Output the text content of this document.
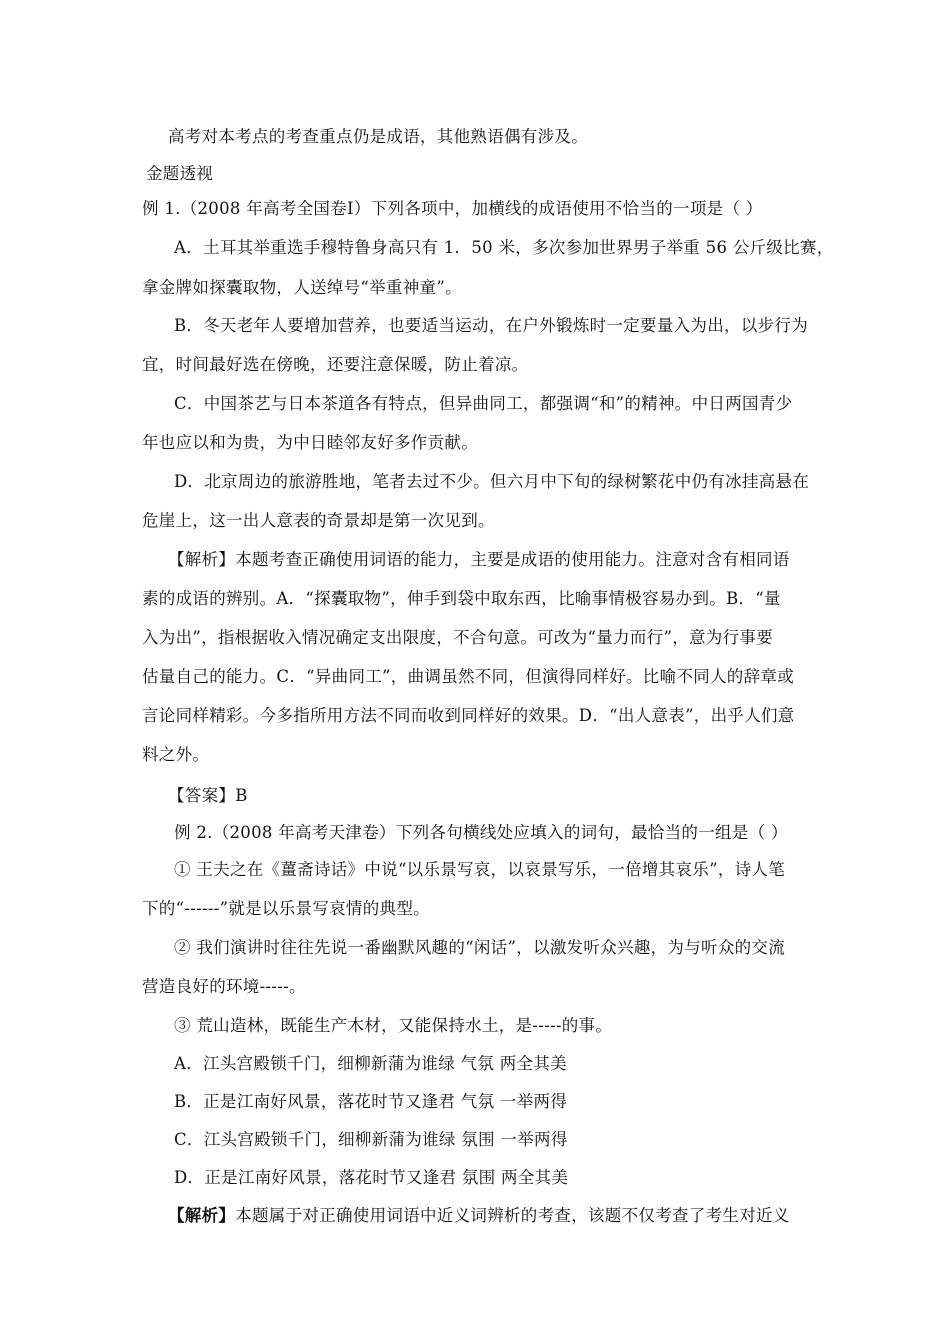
高考对本考点的考查重点仍是成语，其他熟语偶有涉及。
金题透视
例 1.（2008 年高考全国卷Ⅰ）下列各项中，加横线的成语使用不恰当的一项是（ ）
A．土耳其举重选手穆特鲁身高只有 1．50 米，多次参加世界男子举重 56 公斤级比赛，
拿金牌如探囊取物，人送绰号“举重神童”。
B．冬天老年人要增加营养，也要适当运动，在户外锻炼时一定要量入为出，以步行为
宜，时间最好选在傍晚，还要注意保暖，防止着凉。
C．中国茶艺与日本茶道各有特点，但异曲同工，都强调“和”的精神。中日两国青少
年也应以和为贵，为中日睦邻友好多作贡献。
D．北京周边的旅游胜地，笔者去过不少。但六月中下旬的绿树繁花中仍有冰挂高悬在
危崖上，这一出人意表的奇景却是第一次见到。
【解析】本题考查正确使用词语的能力，主要是成语的使用能力。注意对含有相同语
素的成语的辨别。A．“探囊取物”，伸手到袋中取东西，比喻事情极容易办到。B．“量
入为出”，指根据收入情况确定支出限度，不合句意。可改为“量力而行”，意为行事要
估量自己的能力。C．“异曲同工”，曲调虽然不同，但演得同样好。比喻不同人的辞章或
言论同样精彩。今多指所用方法不同而收到同样好的效果。D．“出人意表”，出乎人们意
料之外。
【答案】B
例 2.（2008 年高考天津卷）下列各句横线处应填入的词句，最恰当的一组是（ ）
① 王夫之在《薑斋诗话》中说“以乐景写哀，以哀景写乐，一倍增其哀乐”，诗人笔
下的“------”就是以乐景写哀情的典型。
② 我们演讲时往往先说一番幽默风趣的“闲话”，以激发听众兴趣，为与听众的交流
营造良好的环境-----。
③ 荒山造林，既能生产木材，又能保持水土，是-----的事。
A．江头宫殿锁千门，细柳新蒲为谁绿 气氛 两全其美
B．正是江南好风景，落花时节又逢君 气氛 一举两得
C．江头宫殿锁千门，细柳新蒲为谁绿 氛围 一举两得
D．正是江南好风景，落花时节又逢君 氛围 两全其美
【解析】本题属于对正确使用词语中近义词辨析的考查，该题不仅考查了考生对近义
